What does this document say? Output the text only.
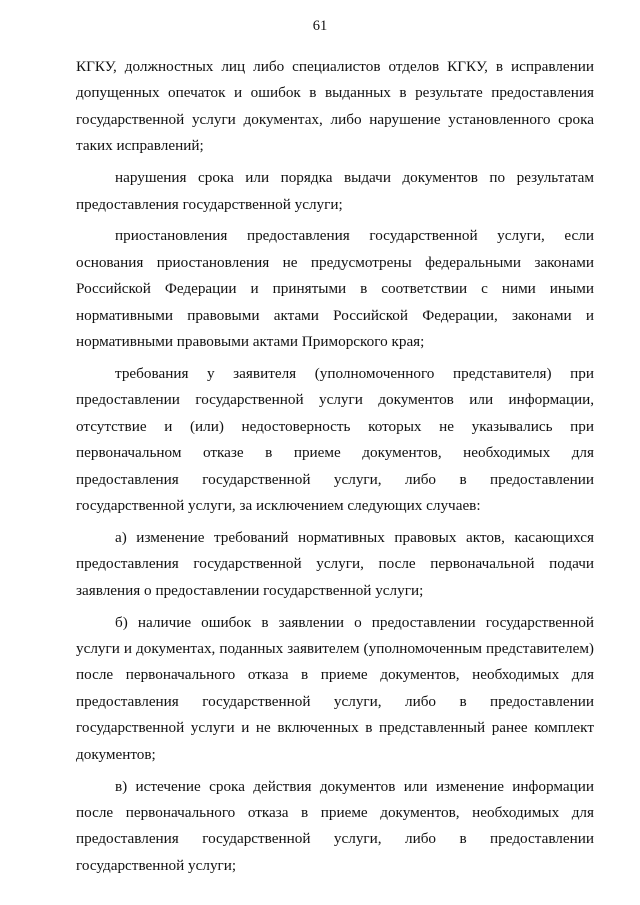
61

КГКУ, должностных лиц либо специалистов отделов КГКУ, в исправлении допущенных опечаток и ошибок в выданных в результате предоставления государственной услуги документах, либо нарушение установленного срока таких исправлений;

нарушения срока или порядка выдачи документов по результатам предоставления государственной услуги;

приостановления предоставления государственной услуги, если основания приостановления не предусмотрены федеральными законами Российской Федерации и принятыми в соответствии с ними иными нормативными правовыми актами Российской Федерации, законами и нормативными правовыми актами Приморского края;

требования у заявителя (уполномоченного представителя) при предоставлении государственной услуги документов или информации, отсутствие и (или) недостоверность которых не указывались при первоначальном отказе в приеме документов, необходимых для предоставления государственной услуги, либо в предоставлении государственной услуги, за исключением следующих случаев:

а) изменение требований нормативных правовых актов, касающихся предоставления государственной услуги, после первоначальной подачи заявления о предоставлении государственной услуги;

б) наличие ошибок в заявлении о предоставлении государственной услуги и документах, поданных заявителем (уполномоченным представителем) после первоначального отказа в приеме документов, необходимых для предоставления государственной услуги, либо в предоставлении государственной услуги и не включенных в представленный ранее комплект документов;

в) истечение срока действия документов или изменение информации после первоначального отказа в приеме документов, необходимых для предоставления государственной услуги, либо в предоставлении государственной услуги;
